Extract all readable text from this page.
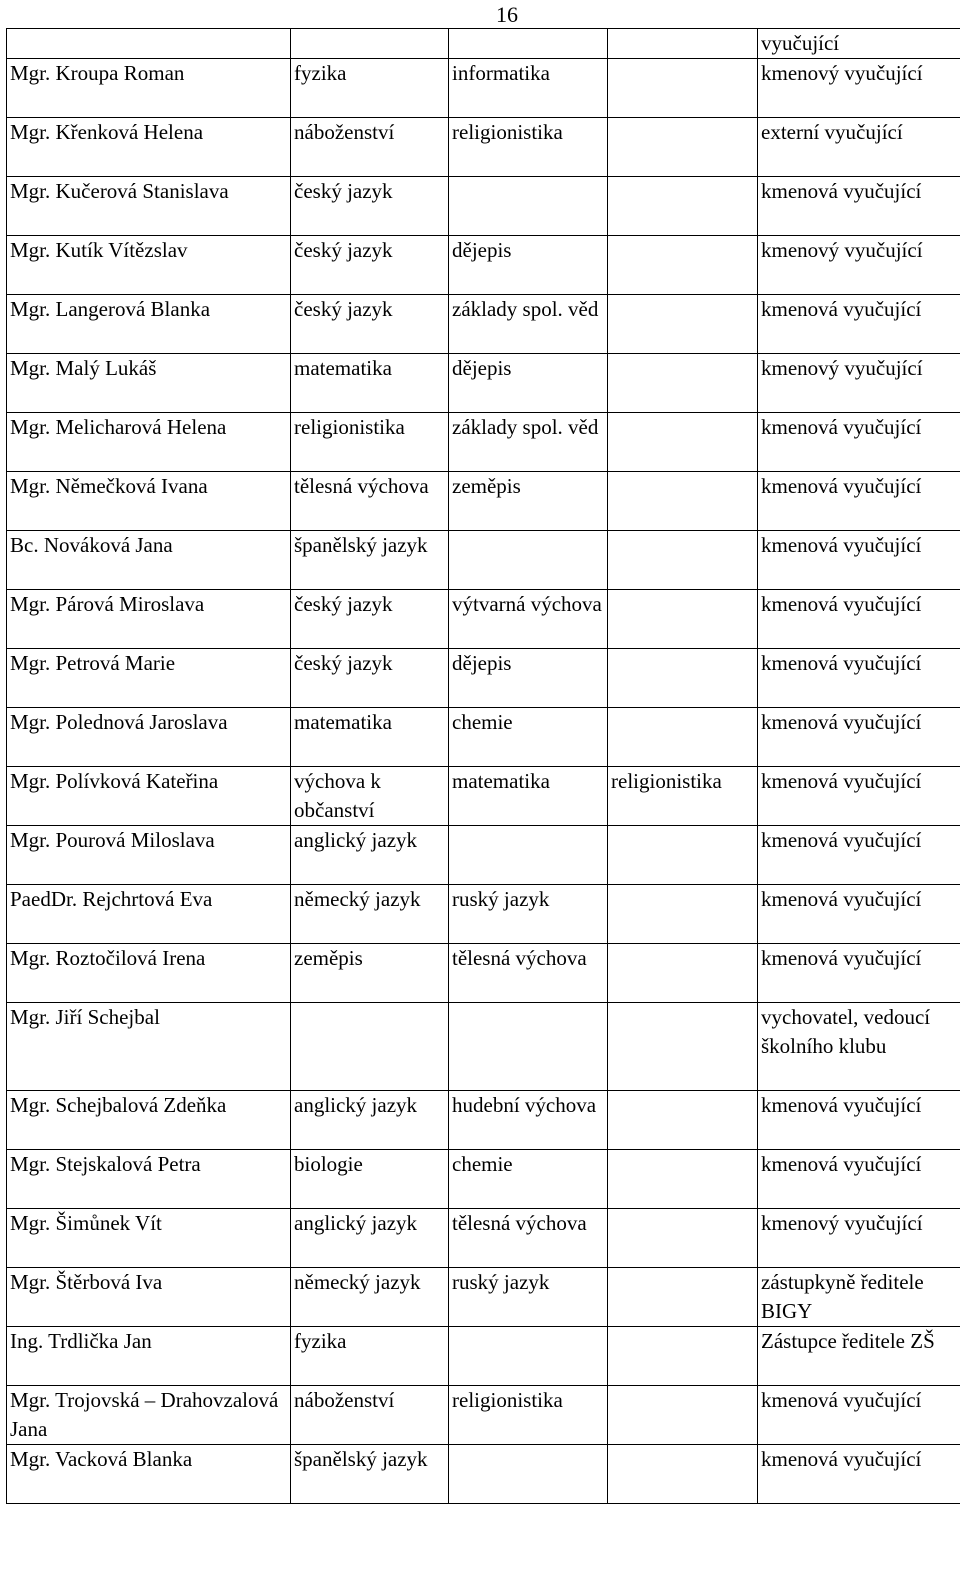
16
				vyučující
Mgr. Kroupa Roman	fyzika	informatika		kmenový vyučující
Mgr. Křenková Helena	náboženství	religionistika		externí vyučující
Mgr. Kučerová Stanislava	český jazyk			kmenová vyučující
Mgr. Kutík Vítězslav	český jazyk	dějepis		kmenový vyučující
Mgr. Langerová Blanka	český jazyk	základy spol. věd		kmenová vyučující
Mgr. Malý Lukáš	matematika	dějepis		kmenový vyučující
Mgr. Melicharová Helena	religionistika	základy spol. věd		kmenová vyučující
Mgr. Němečková Ivana	tělesná výchova	zeměpis		kmenová vyučující
Bc. Nováková Jana	španělský jazyk			kmenová vyučující
Mgr. Párová Miroslava	český jazyk	výtvarná výchova		kmenová vyučující
Mgr. Petrová Marie	český jazyk	dějepis		kmenová vyučující
Mgr. Polednová Jaroslava	matematika	chemie		kmenová vyučující
Mgr. Polívková Kateřina	výchova k občanství	matematika	religionistika	kmenová vyučující
Mgr. Pourová Miloslava	anglický jazyk			kmenová vyučující
PaedDr. Rejchrtová Eva	německý jazyk	ruský jazyk		kmenová vyučující
Mgr. Roztočilová Irena	zeměpis	tělesná výchova		kmenová vyučující
Mgr. Jiří Schejbal				vychovatel, vedoucí školního klubu
Mgr. Schejbalová Zdeňka	anglický jazyk	hudební výchova		kmenová vyučující
Mgr. Stejskalová Petra	biologie	chemie		kmenová vyučující
Mgr. Šimůnek Vít	anglický jazyk	tělesná výchova		kmenový vyučující
Mgr. Štěrbová Iva	německý jazyk	ruský jazyk		zástupkyně ředitele BIGY
Ing. Trdlička Jan	fyzika			Zástupce ředitele ZŠ
Mgr. Trojovská – Drahovzalová Jana	náboženství	religionistika		kmenová vyučující
Mgr. Vacková Blanka	španělský jazyk			kmenová vyučující
